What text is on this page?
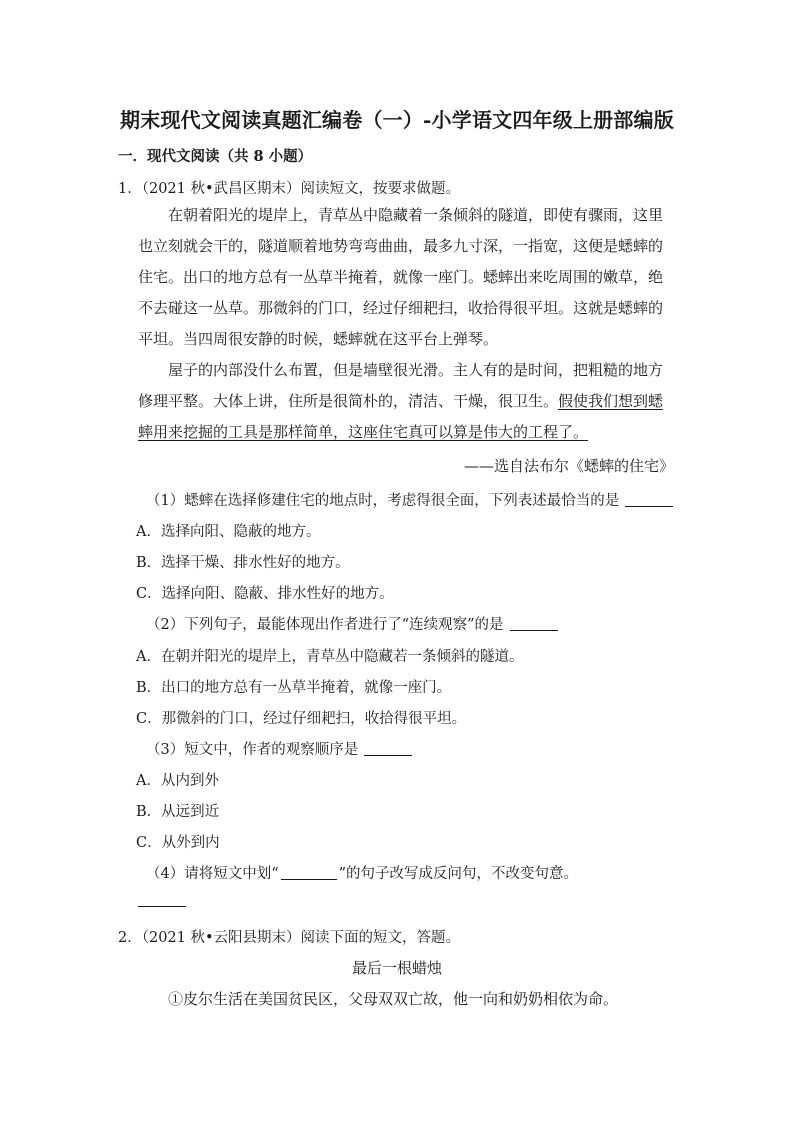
期末现代文阅读真题汇编卷（一）-小学语文四年级上册部编版
一．现代文阅读（共 8 小题）
1．（2021 秋•武昌区期末）阅读短文，按要求做题。

在朝着阳光的堤岸上，青草丛中隐藏着一条倾斜的隧道，即使有骤雨，这里也立刻就会干的，隧道顺着地势弯弯曲曲，最多九寸深，一指宽，这便是蟋蟀的住宅。出口的地方总有一丛草半掩着，就像一座门。蟋蟀出来吃周围的嫩草，绝不去碰这一丛草。那微斜的门口，经过仔细耙扫，收拾得很平坦。这就是蟋蟀的平坦。当四周很安静的时候，蟋蟀就在这平台上弹琴。

屋子的内部没什么布置，但是墙壁很光滑。主人有的是时间，把粗糙的地方修理平整。大体上讲，住所是很简朴的，清洁、干燥，很卫生。假使我们想到蟋蟀用来挖掘的工具是那样简单，这座住宅真可以算是伟大的工程了。

——选自法布尔《蟋蟀的住宅》
（1）蟋蟀在选择修建住宅的地点时，考虑得很全面，下列表述最恰当的是
A．选择向阳、隐蔽的地方。
B．选择干燥、排水性好的地方。
C．选择向阳、隐蔽、排水性好的地方。
（2）下列句子，最能体现出作者进行了“连续观察”的是
A．在朝并阳光的堤岸上，青草丛中隐藏若一条倾斜的隧道。
B．出口的地方总有一丛草半掩着，就像一座门。
C．那微斜的门口，经过仔细耙扫，收拾得很平坦。
（3）短文中，作者的观察顺序是
A．从内到外
B．从远到近
C．从外到内
（4）请将短文中划“	”的句子改写成反问句，不改变句意。
2．（2021 秋•云阳县期末）阅读下面的短文，答题。
最后一根蜡烛
①皮尔生活在美国贫民区，父母双双亡故，他一向和奶奶相依为命。
